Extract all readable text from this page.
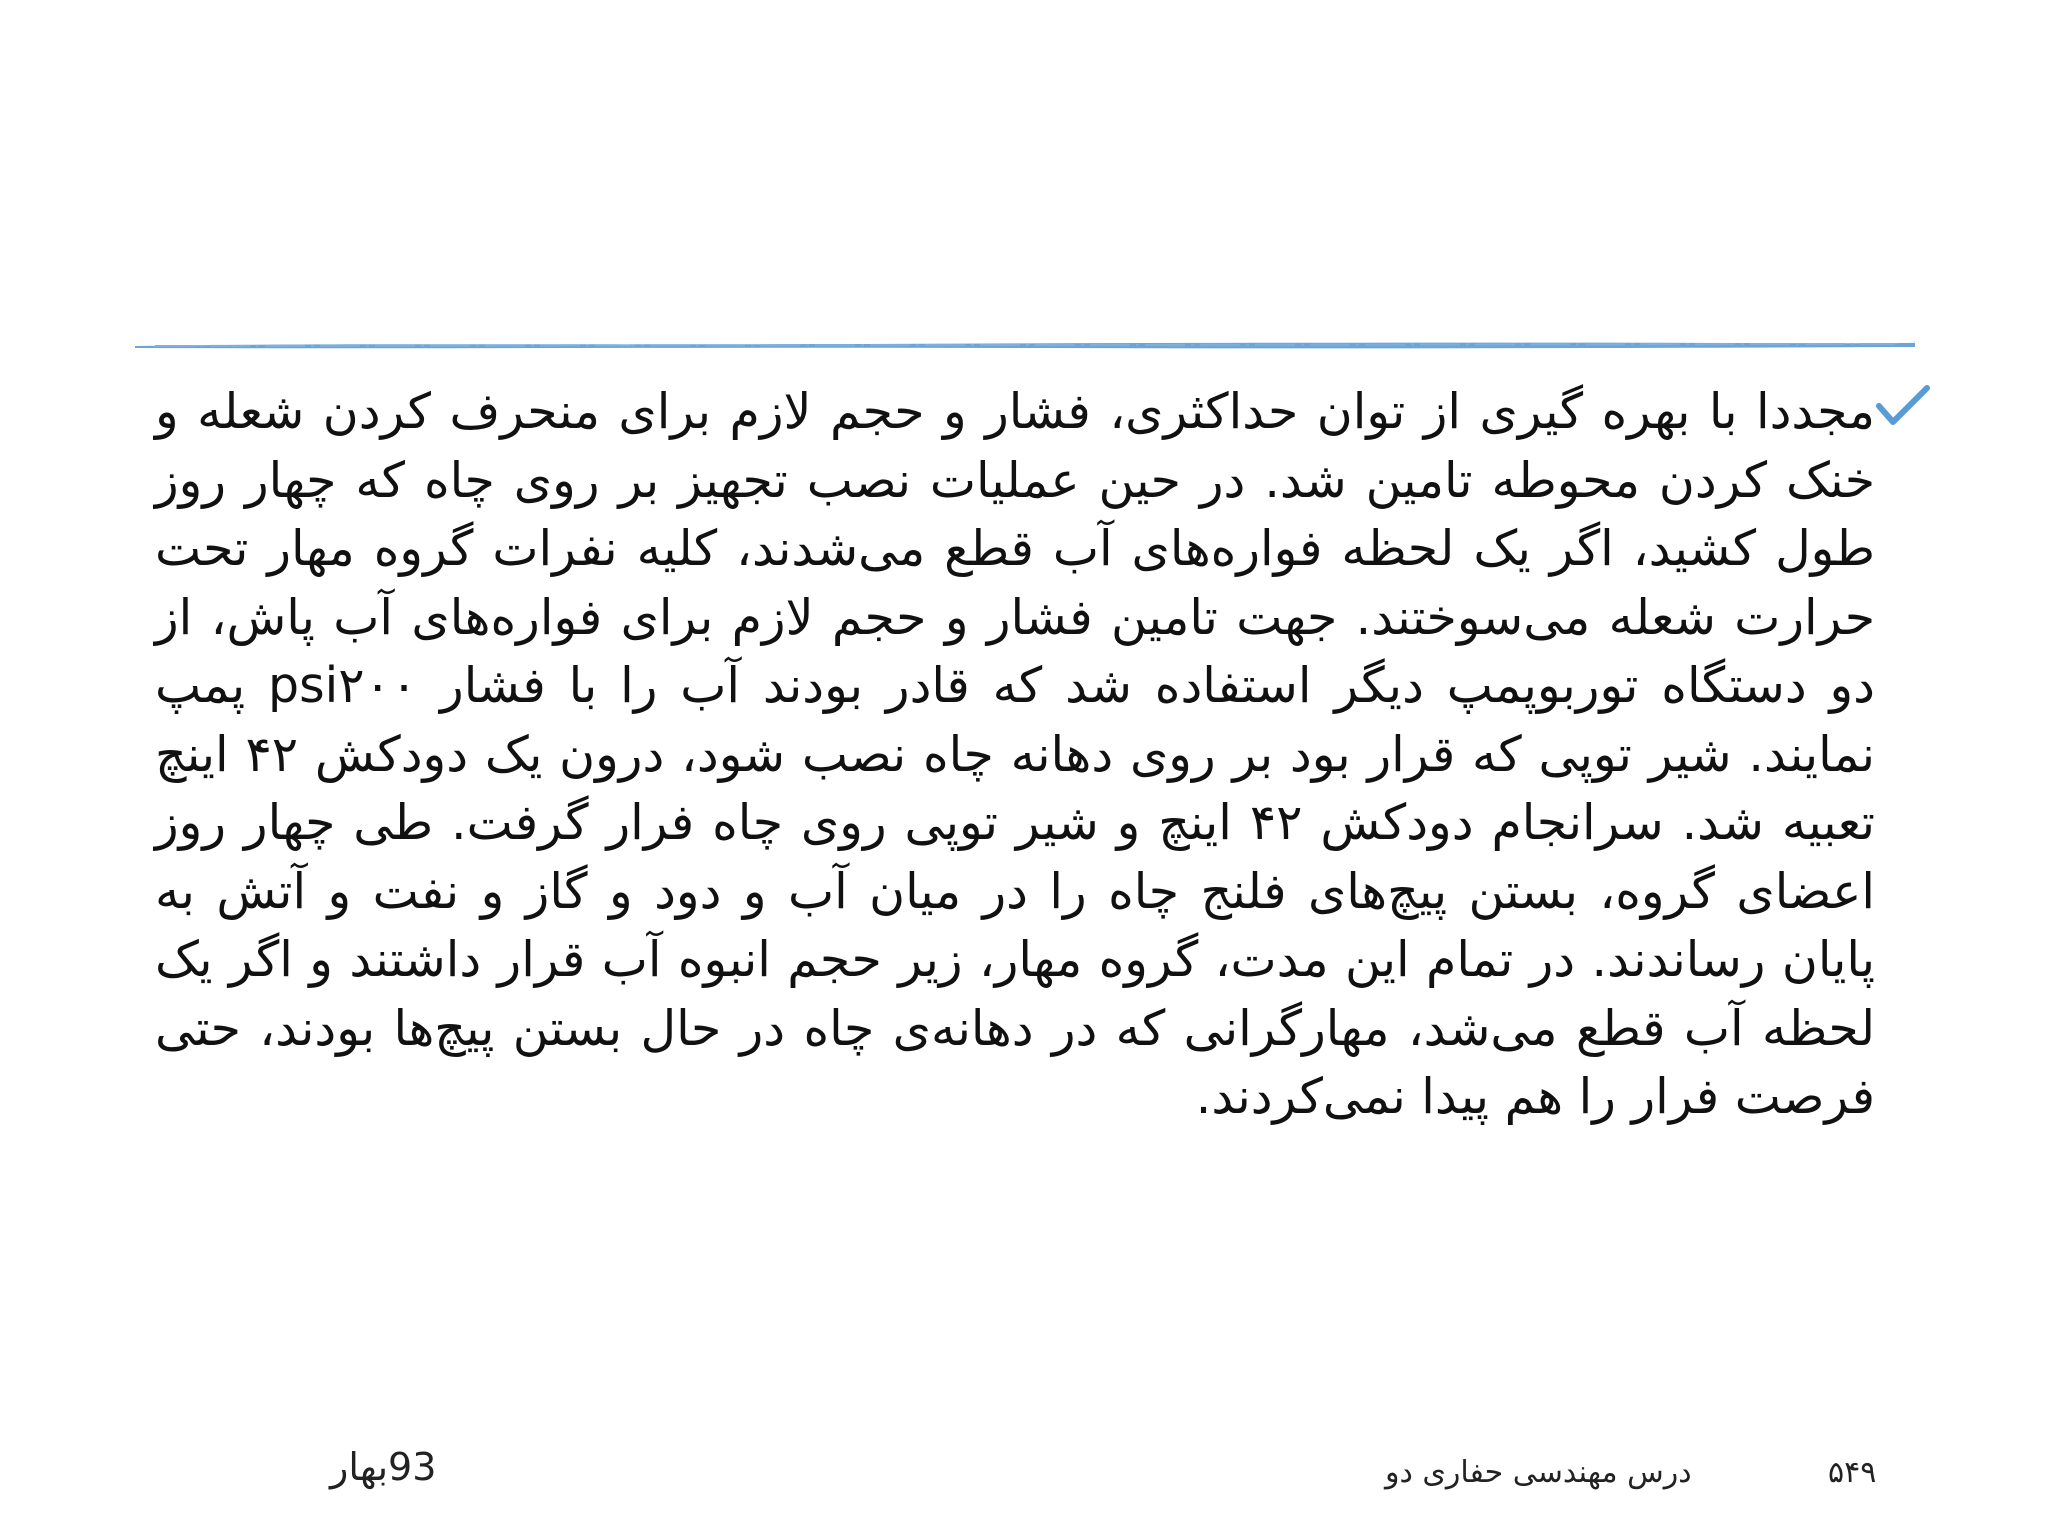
مجددا با بهره گیری از توان حداکثری، فشار و حجم لازم برای منحرف کردن شعله و خنک کردن محوطه تامین شد. در حین عملیات نصب تجهیز بر روی چاه که چهار روز طول کشید، اگر یک لحظه فواره‌های آب قطع می‌شدند، کلیه نفرات گروه مهار تحت حرارت شعله می‌سوختند. جهت تامین فشار و حجم لازم برای فواره‌های آب پاش، از دو دستگاه توربوپمپ دیگر استفاده شد که قادر بودند آب را با فشار psi۲۰۰ پمپ نمایند. شیر توپی که قرار بود بر روی دهانه چاه نصب شود، درون یک دودکش ۴۲ اینچ تعبیه شد. سرانجام دودکش ۴۲ اینچ و شیر توپی روی چاه فرار گرفت. طی چهار روز اعضای گروه، بستن پیچ‌های فلنج چاه را در میان آب و دود و گاز و نفت و آتش به پایان رساندند. در تمام این مدت، گروه مهار، زیر حجم انبوه آب قرار داشتند و اگر یک لحظه آب قطع می‌شد، مهارگرانی که در دهانه‌ی چاه در حال بستن پیچ‌ها بودند، حتی فرصت فرار را هم پیدا نمی‌کردند.

93بهار	درس مهندسی حفاری دو	۵۴۹
